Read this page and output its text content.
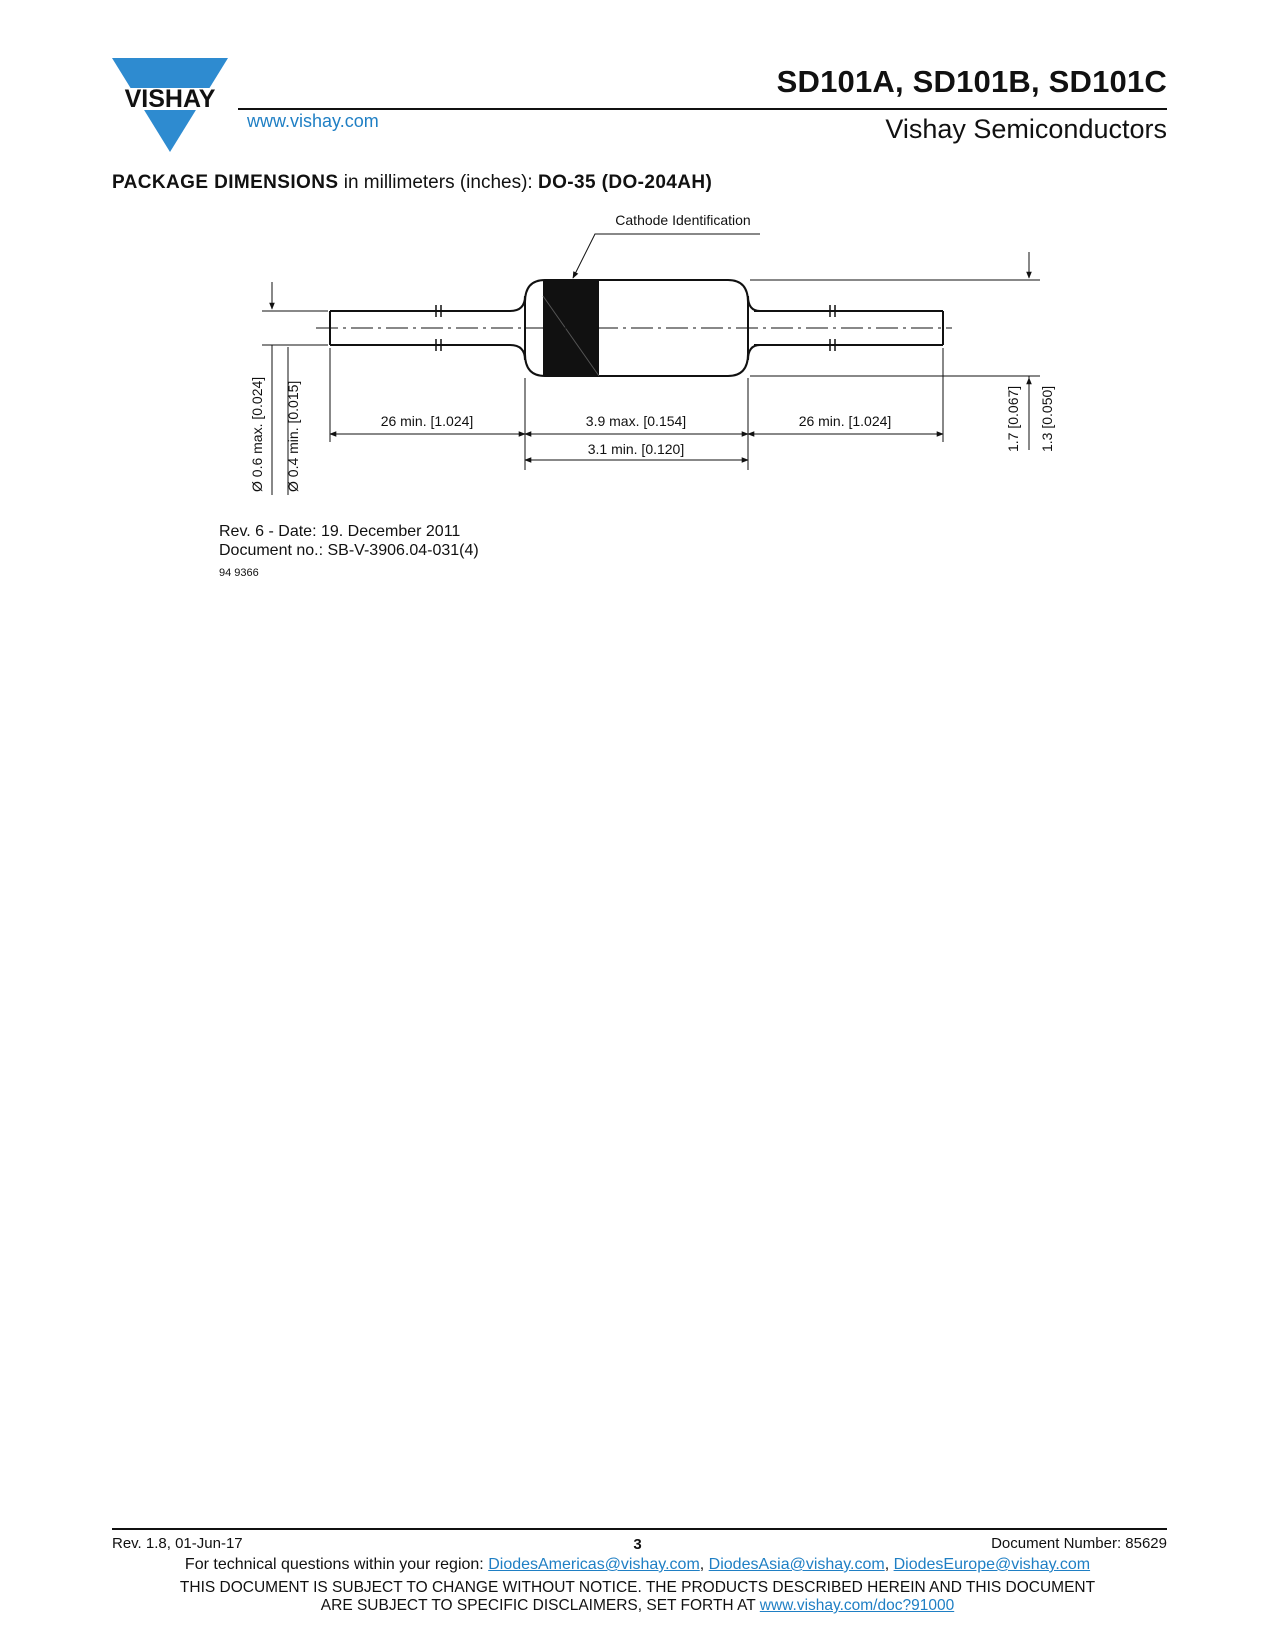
VISHAY
www.vishay.com
SD101A, SD101B, SD101C
Vishay Semiconductors
PACKAGE DIMENSIONS in millimeters (inches): DO-35 (DO-204AH)
Cathode Identification
26 min. [1.024]	3.9 max. [0.154]	26 min. [1.024]
3.1 min. [0.120]
Ø 0.6 max. [0.024] Ø 0.4 min. [0.015]	1.7 [0.067] 1.3 [0.050]
Rev. 6 - Date: 19. December 2011
Document no.: SB-V-3906.04-031(4)
94 9366
Rev. 1.8, 01-Jun-17	3	Document Number: 85629
For technical questions within your region: DiodesAmericas@vishay.com, DiodesAsia@vishay.com, DiodesEurope@vishay.com
THIS DOCUMENT IS SUBJECT TO CHANGE WITHOUT NOTICE. THE PRODUCTS DESCRIBED HEREIN AND THIS DOCUMENT
ARE SUBJECT TO SPECIFIC DISCLAIMERS, SET FORTH AT www.vishay.com/doc?91000
